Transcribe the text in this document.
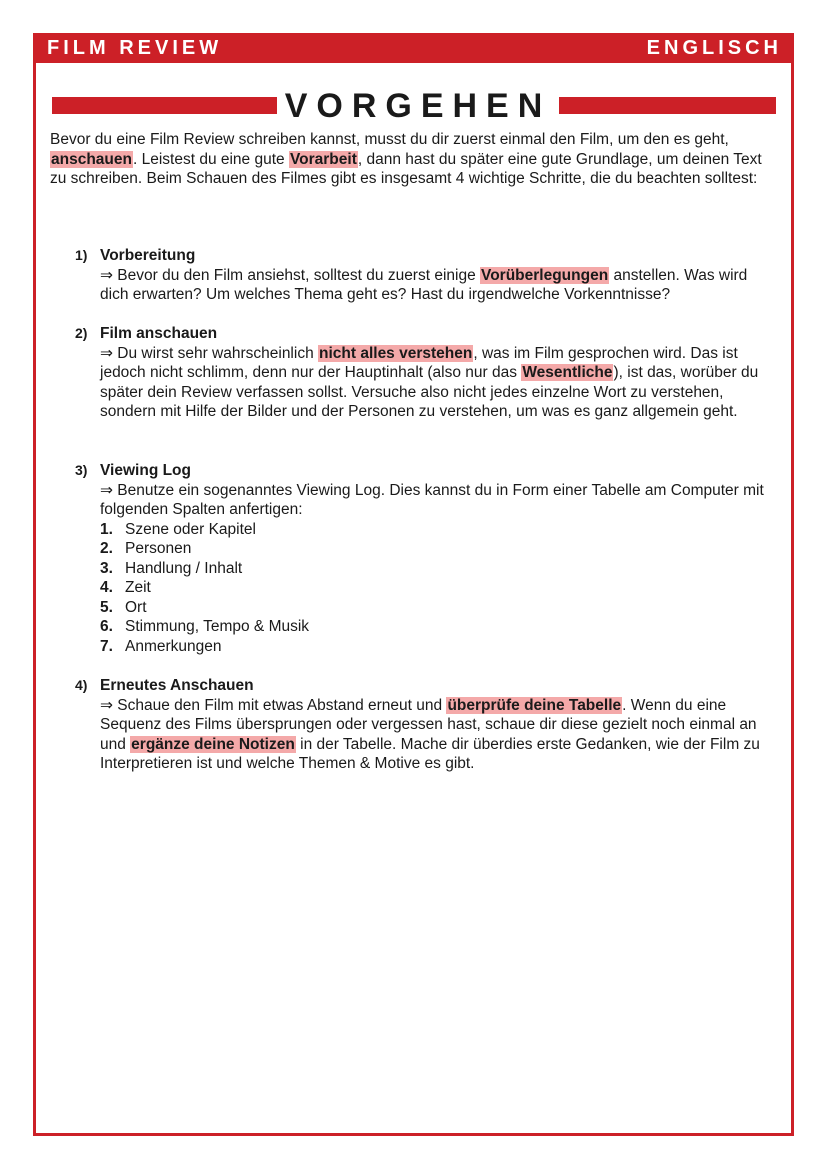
FILM REVIEW	ENGLISCH
VORGEHEN
Bevor du eine Film Review schreiben kannst, musst du dir zuerst einmal den Film, um den es geht, anschauen. Leistest du eine gute Vorarbeit, dann hast du später eine gute Grundlage, um deinen Text zu schreiben. Beim Schauen des Filmes gibt es insgesamt 4 wichtige Schritte, die du beachten solltest:
1) Vorbereitung
⇒ Bevor du den Film ansiehst, solltest du zuerst einige Vorüberlegungen anstellen. Was wird dich erwarten? Um welches Thema geht es? Hast du irgendwelche Vorkenntnisse?
2) Film anschauen
⇒ Du wirst sehr wahrscheinlich nicht alles verstehen, was im Film gesprochen wird. Das ist jedoch nicht schlimm, denn nur der Hauptinhalt (also nur das Wesentliche), ist das, worüber du später dein Review verfassen sollst. Versuche also nicht jedes einzelne Wort zu verstehen, sondern mit Hilfe der Bilder und der Personen zu verstehen, um was es ganz allgemein geht.
3) Viewing Log
⇒ Benutze ein sogenanntes Viewing Log. Dies kannst du in Form einer Tabelle am Computer mit folgenden Spalten anfertigen:
1. Szene oder Kapitel
2. Personen
3. Handlung / Inhalt
4. Zeit
5. Ort
6. Stimmung, Tempo & Musik
7. Anmerkungen
4) Erneutes Anschauen
⇒ Schaue den Film mit etwas Abstand erneut und überprüfe deine Tabelle. Wenn du eine Sequenz des Films übersprungen oder vergessen hast, schaue dir diese gezielt noch einmal an und ergänze deine Notizen in der Tabelle. Mache dir überdies erste Gedanken, wie der Film zu Interpretieren ist und welche Themen & Motive es gibt.
